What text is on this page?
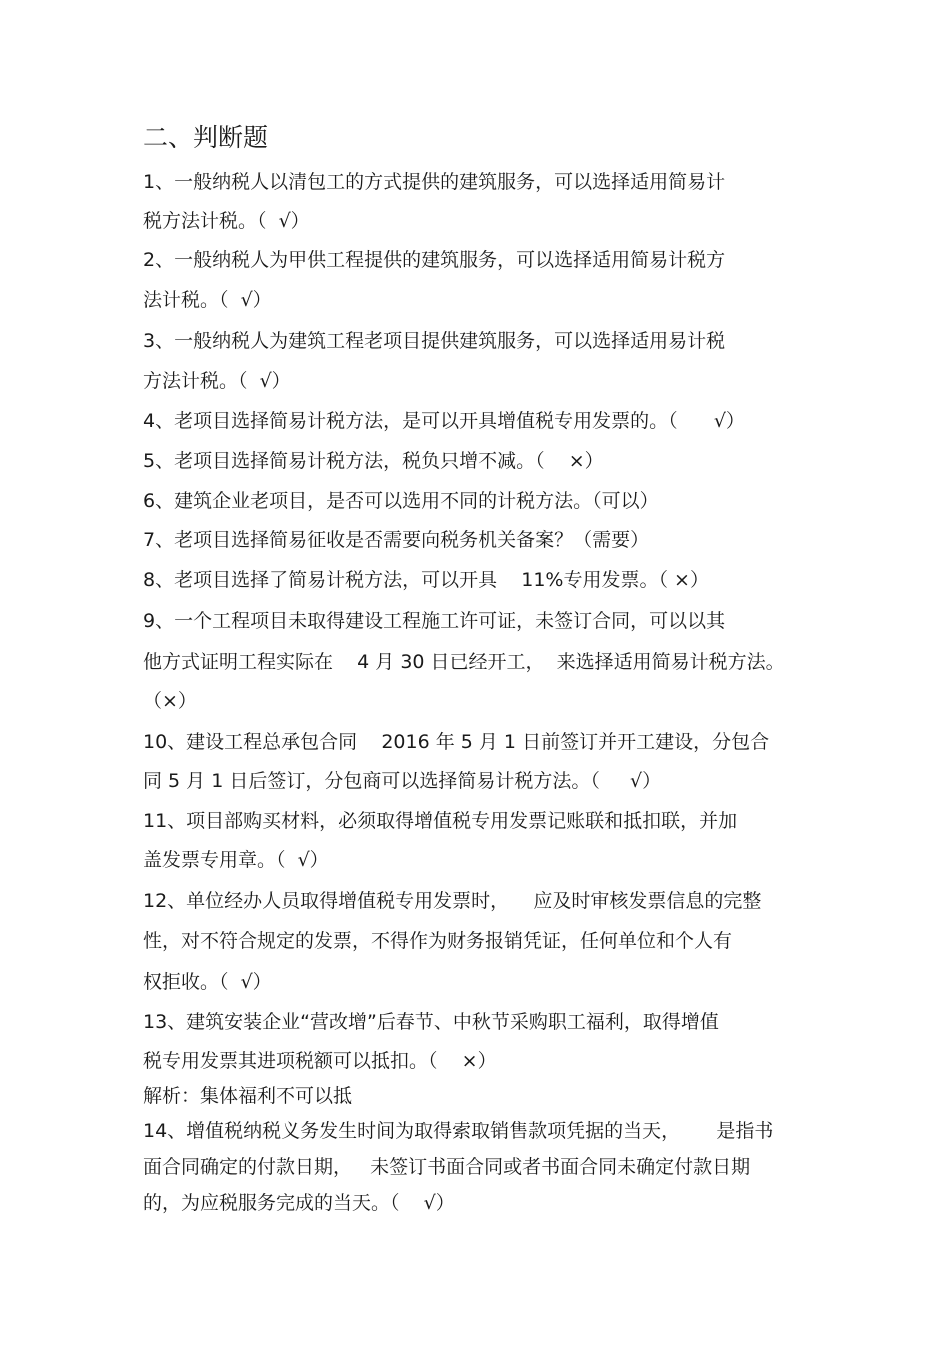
二、判断题
1、一般纳税人以清包工的方式提供的建筑服务，可以选择适用简易计
税方法计税。（  √）
2、一般纳税人为甲供工程提供的建筑服务，可以选择适用简易计税方
法计税。（  √）
3、一般纳税人为建筑工程老项目提供建筑服务，可以选择适用易计税
方法计税。（  √）
4、老项目选择简易计税方法，是可以开具增值税专用发票的。（      √）
5、老项目选择简易计税方法，税负只增不减。（    ×）
6、建筑企业老项目，是否可以选用不同的计税方法。（可以）
7、老项目选择简易征收是否需要向税务机关备案？（需要）
8、老项目选择了简易计税方法，可以开具    11%专用发票。（ ×）
9、一个工程项目未取得建设工程施工许可证，未签订合同，可以以其
他方式证明工程实际在    4 月 30 日已经开工，  来选择适用简易计税方法。
（×）
10、建设工程总承包合同    2016 年 5 月 1 日前签订并开工建设，分包合
同 5 月 1 日后签订，分包商可以选择简易计税方法。（     √）
11、项目部购买材料，必须取得增值税专用发票记账联和抵扣联，并加
盖发票专用章。（  √）
12、单位经办人员取得增值税专用发票时，    应及时审核发票信息的完整
性，对不符合规定的发票，不得作为财务报销凭证，任何单位和个人有
权拒收。（  √）
13、建筑安装企业“营改增”后春节、中秋节采购职工福利，取得增值
税专用发票其进项税额可以抵扣。（    ×）
解析：集体福利不可以抵
14、增值税纳税义务发生时间为取得索取销售款项凭据的当天，      是指书
面合同确定的付款日期，   未签订书面合同或者书面合同未确定付款日期
的，为应税服务完成的当天。（    √）
